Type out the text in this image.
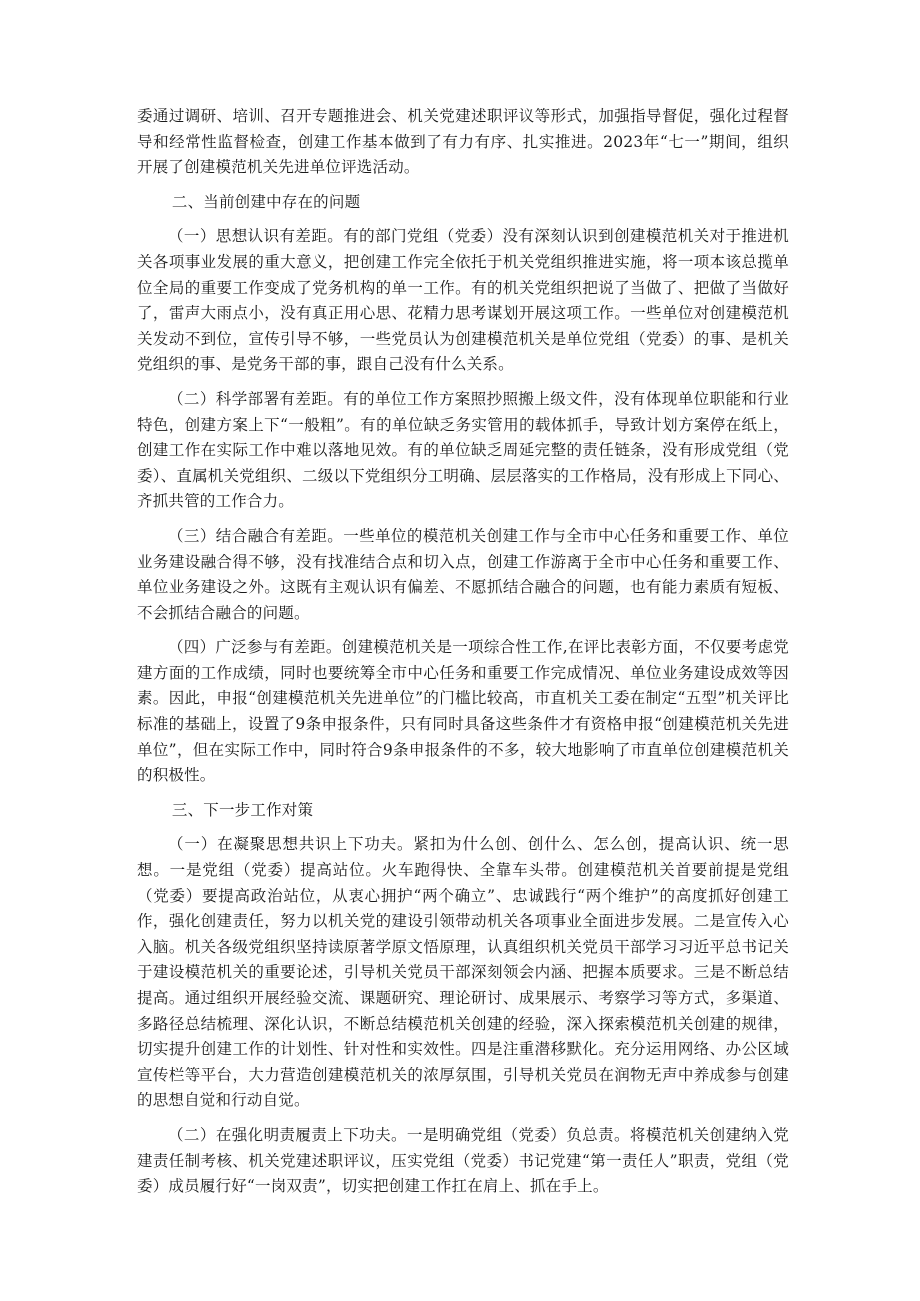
委通过调研、培训、召开专题推进会、机关党建述职评议等形式，加强指导督促，强化过程督导和经常性监督检查，创建工作基本做到了有力有序、扎实推进。2023年“七一”期间，组织开展了创建模范机关先进单位评选活动。

二、当前创建中存在的问题

（一）思想认识有差距。有的部门党组（党委）没有深刻认识到创建模范机关对于推进机关各项事业发展的重大意义，把创建工作完全依托于机关党组织推进实施，将一项本该总揽单位全局的重要工作变成了党务机构的单一工作。有的机关党组织把说了当做了、把做了当做好了，雷声大雨点小，没有真正用心思、花精力思考谋划开展这项工作。一些单位对创建模范机关发动不到位，宣传引导不够，一些党员认为创建模范机关是单位党组（党委）的事、是机关党组织的事、是党务干部的事，跟自己没有什么关系。

（二）科学部署有差距。有的单位工作方案照抄照搬上级文件，没有体现单位职能和行业特色，创建方案上下“一般粗”。有的单位缺乏务实管用的载体抓手，导致计划方案停在纸上，创建工作在实际工作中难以落地见效。有的单位缺乏周延完整的责任链条，没有形成党组（党委）、直属机关党组织、二级以下党组织分工明确、层层落实的工作格局，没有形成上下同心、齐抓共管的工作合力。

（三）结合融合有差距。一些单位的模范机关创建工作与全市中心任务和重要工作、单位业务建设融合得不够，没有找准结合点和切入点，创建工作游离于全市中心任务和重要工作、单位业务建设之外。这既有主观认识有偏差、不愿抓结合融合的问题，也有能力素质有短板、不会抓结合融合的问题。

（四）广泛参与有差距。创建模范机关是一项综合性工作,在评比表彰方面，不仅要考虑党建方面的工作成绩，同时也要统筹全市中心任务和重要工作完成情况、单位业务建设成效等因素。因此，申报“创建模范机关先进单位”的门槛比较高，市直机关工委在制定“五型”机关评比标准的基础上，设置了9条申报条件，只有同时具备这些条件才有资格申报“创建模范机关先进单位”，但在实际工作中，同时符合9条申报条件的不多，较大地影响了市直单位创建模范机关的积极性。

三、下一步工作对策

（一）在凝聚思想共识上下功夫。紧扣为什么创、创什么、怎么创，提高认识、统一思想。一是党组（党委）提高站位。火车跑得快、全靠车头带。创建模范机关首要前提是党组（党委）要提高政治站位，从衷心拥护“两个确立”、忠诚践行“两个维护”的高度抓好创建工作，强化创建责任，努力以机关党的建设引领带动机关各项事业全面进步发展。二是宣传入心入脑。机关各级党组织坚持读原著学原文悟原理，认真组织机关党员干部学习习近平总书记关于建设模范机关的重要论述，引导机关党员干部深刻领会内涵、把握本质要求。三是不断总结提高。通过组织开展经验交流、课题研究、理论研讨、成果展示、考察学习等方式，多渠道、多路径总结梳理、深化认识，不断总结模范机关创建的经验，深入探索模范机关创建的规律，切实提升创建工作的计划性、针对性和实效性。四是注重潜移默化。充分运用网络、办公区域宣传栏等平台，大力营造创建模范机关的浓厚氛围，引导机关党员在润物无声中养成参与创建的思想自觉和行动自觉。

（二）在强化明责履责上下功夫。一是明确党组（党委）负总责。将模范机关创建纳入党建责任制考核、机关党建述职评议，压实党组（党委）书记党建“第一责任人”职责，党组（党委）成员履行好“一岗双责”，切实把创建工作扛在肩上、抓在手上。
